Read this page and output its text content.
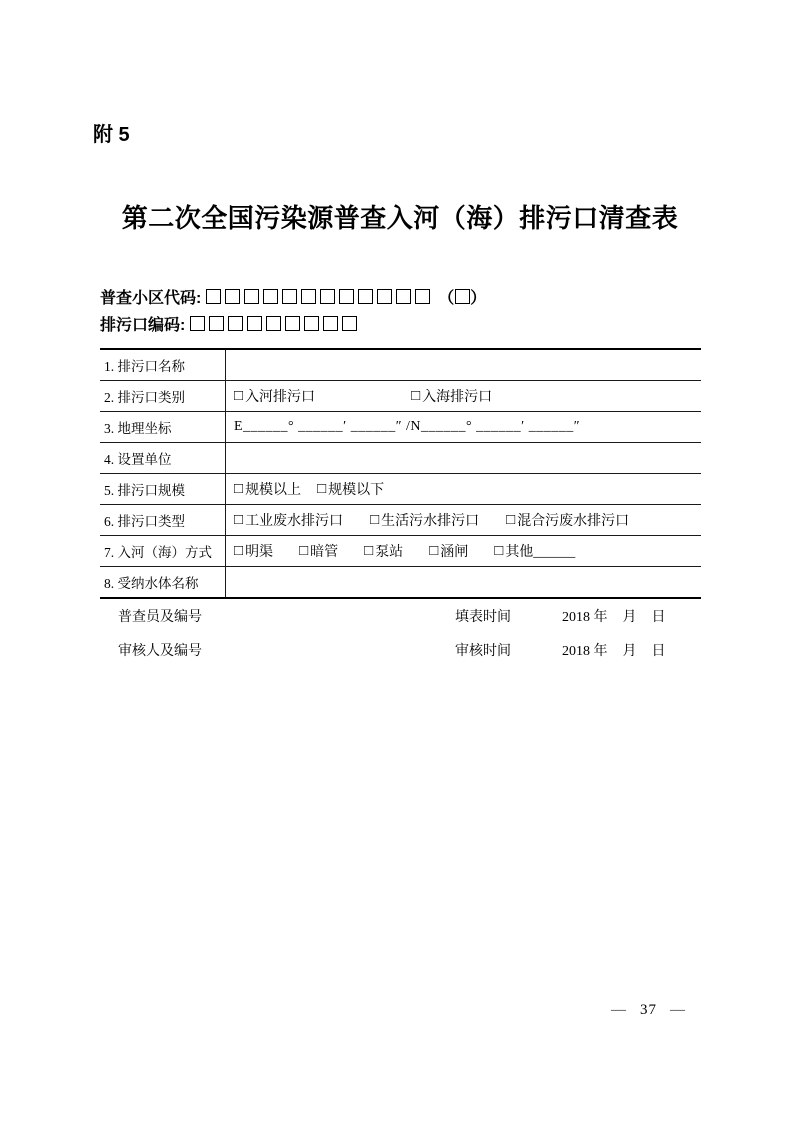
附 5
第二次全国污染源普查入河（海）排污口清查表
普查小区代码:	（ ）
排污口编码:
1. 排污口名称
2. 排污口类别	□ 入河排污口	□ 入海排污口
3. 地理坐标	E______° ______′ ______″ /N______° ______′ ______″
4. 设置单位
5. 排污口规模	□ 规模以上 □ 规模以下
6. 排污口类型	□ 工业废水排污口 □ 生活污水排污口 □ 混合污废水排污口
7. 入河（海）方式	□ 明渠 □ 暗管 □ 泵站 □ 涵闸 □ 其他______
8. 受纳水体名称
普查员及编号	填表时间	2018 年 月 日
审核人及编号	审核时间	2018 年 月 日
— 37 —
